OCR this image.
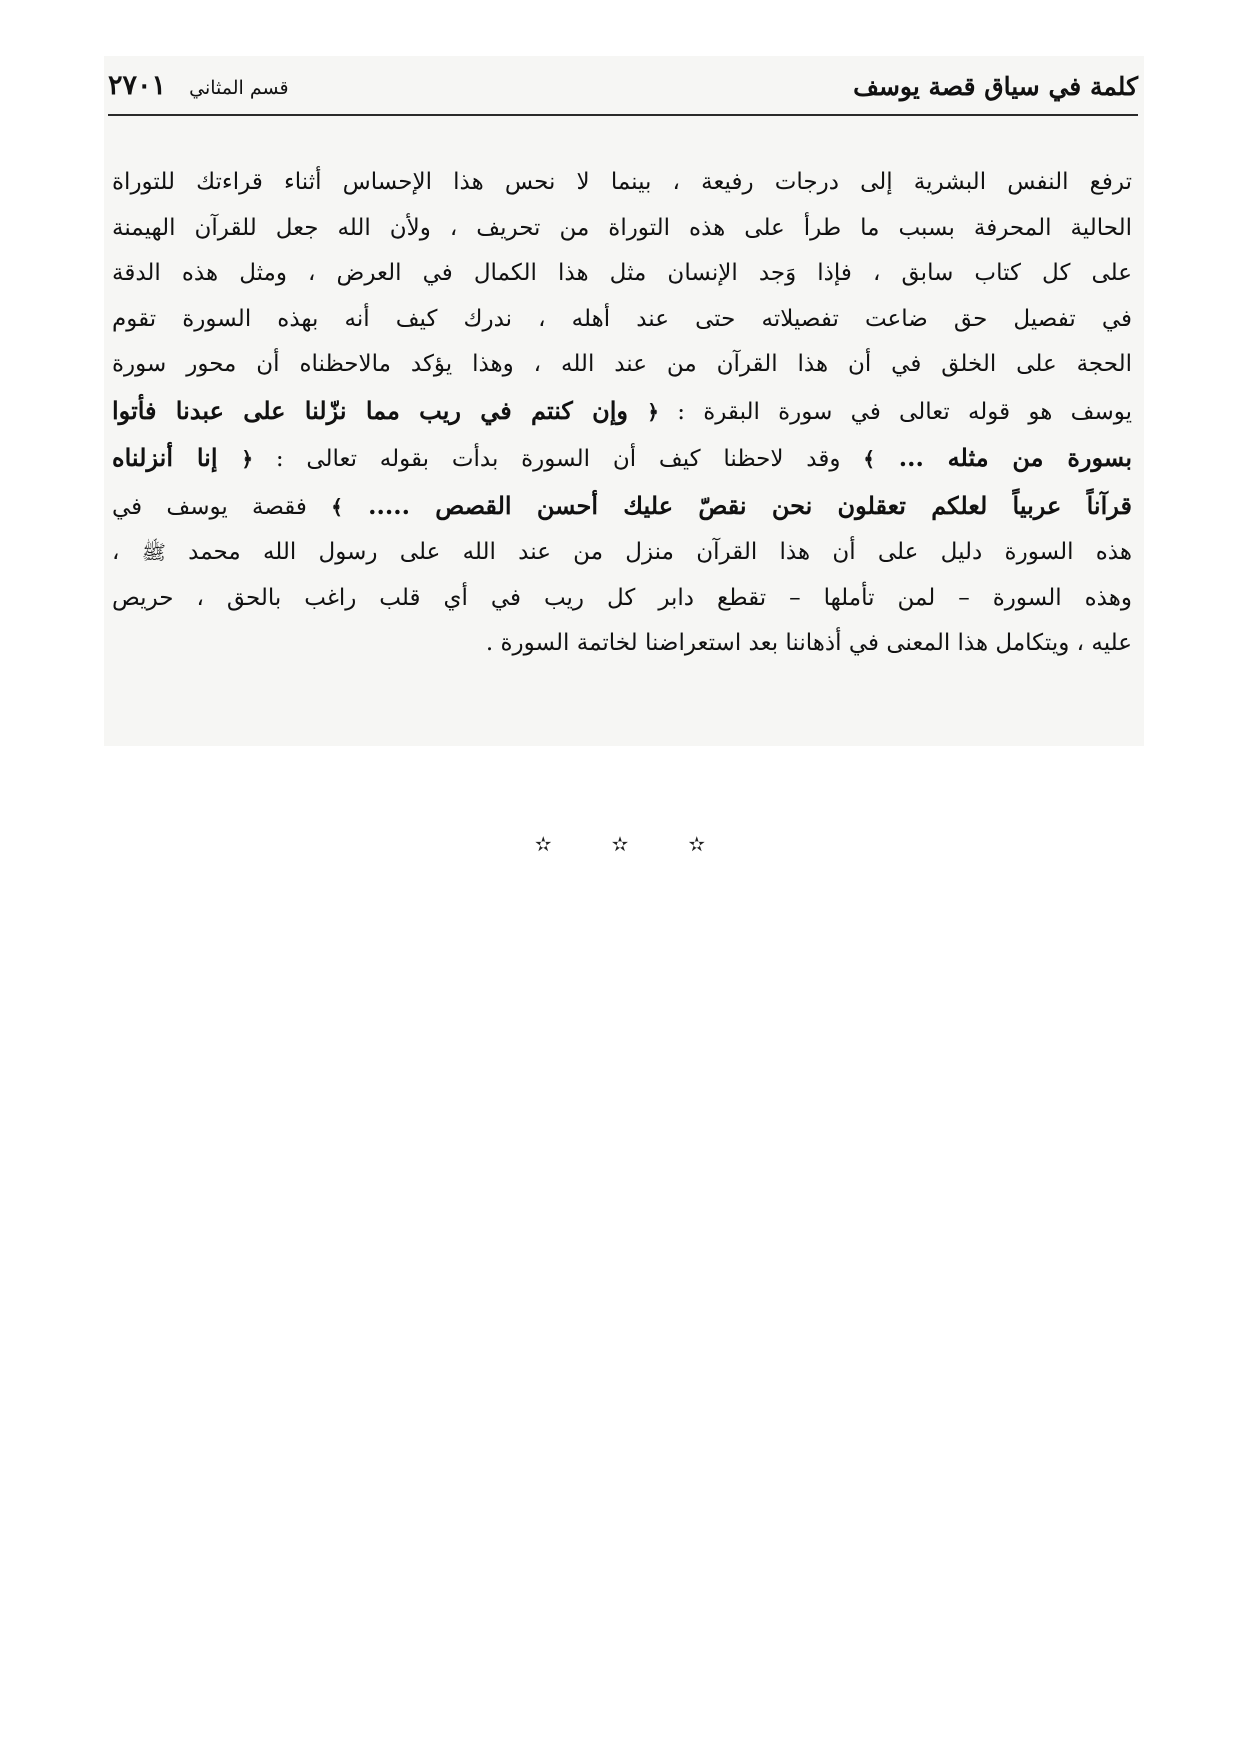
كلمة في سياق قصة يوسف
قسم المثاني ٢٧٠١

ترفع النفس البشرية إلى درجات رفيعة ، بينما لا نحس هذا الإحساس أثناء قراءتك للتوراة
الحالية المحرفة بسبب ما طرأ على هذه التوراة من تحريف ، ولأن الله جعل للقرآن الهيمنة
على كل كتاب سابق ، فإذا وَجد الإنسان مثل هذا الكمال في العرض ، ومثل هذه الدقة
في تفصيل حق ضاعت تفصيلاته حتى عند أهله ، ندرك كيف أنه بهذه السورة تقوم
الحجة على الخلق في أن هذا القرآن من عند الله ، وهذا يؤكد مالاحظناه أن محور سورة
يوسف هو قوله تعالى في سورة البقرة : ﴿ وإن كنتم في ريب مما نزّلنا على عبدنا فأتوا
بسورة من مثله ... ﴾ وقد لاحظنا كيف أن السورة بدأت بقوله تعالى : ﴿ إنا أنزلناه
قرآناً عربياً لعلكم تعقلون نحن نقصّ عليك أحسن القصص ..... ﴾ فقصة يوسف في
هذه السورة دليل على أن هذا القرآن منزل من عند الله على رسول الله محمد ﷺ ،
وهذه السورة – لمن تأملها – تقطع دابر كل ريب في أي قلب راغب بالحق ، حريص
عليه ، ويتكامل هذا المعنى في أذهاننا بعد استعراضنا لخاتمة السورة .

✫	✫	✫
